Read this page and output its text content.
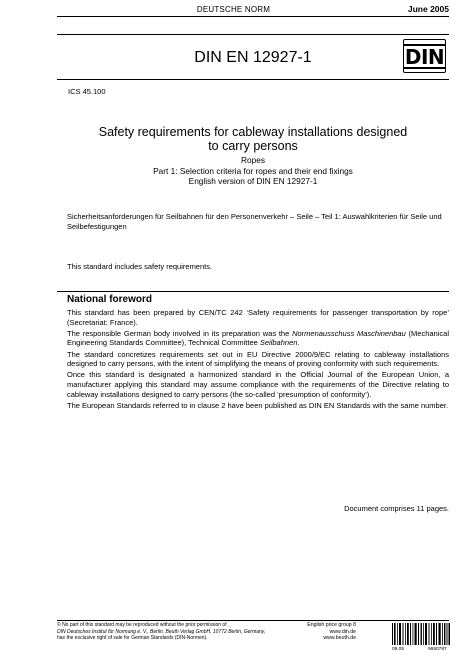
DEUTSCHE NORM	June 2005
DIN EN 12927-1	DIN
ICS 45.100
Safety requirements for cableway installations designed
to carry persons
Ropes
Part 1: Selection criteria for ropes and their end fixings
English version of DIN EN 12927-1
Sicherheitsanforderungen für Seilbahnen für den Personenverkehr – Seile – Teil 1: Auswahlkriterien für Seile und Seilbefestigungen
This standard includes safety requirements.
National foreword

This standard has been prepared by CEN/TC 242 ‘Safety requirements for passenger transportation by rope’ (Secretariat: France).

The responsible German body involved in its preparation was the Normenausschuss Maschinenbau (Mechanical Engineering Standards Committee), Technical Committee Seilbahnen.

The standard concretizes requirements set out in EU Directive 2000/9/EC relating to cableway installations designed to carry persons, with the intent of simplifying the means of proving conformity with such requirements.

Once this standard is designated a harmonized standard in the Official Journal of the European Union, a manufacturer applying this standard may assume compliance with the requirements of the Directive relating to cableway installations designed to carry persons (the so-called ‘presumption of conformity’).

The European Standards referred to in clause 2 have been published as DIN EN Standards with the same number.

Document comprises 11 pages.
© No part of this standard may be reproduced without the prior permission of
DIN Deutsches Institut für Normung e. V., Berlin. Beuth Verlag GmbH, 10772 Berlin, Germany,
has the exclusive right of sale for German Standards (DIN-Normen).
English price group 8
www.din.de
www.beuth.de
09.05	9650787
